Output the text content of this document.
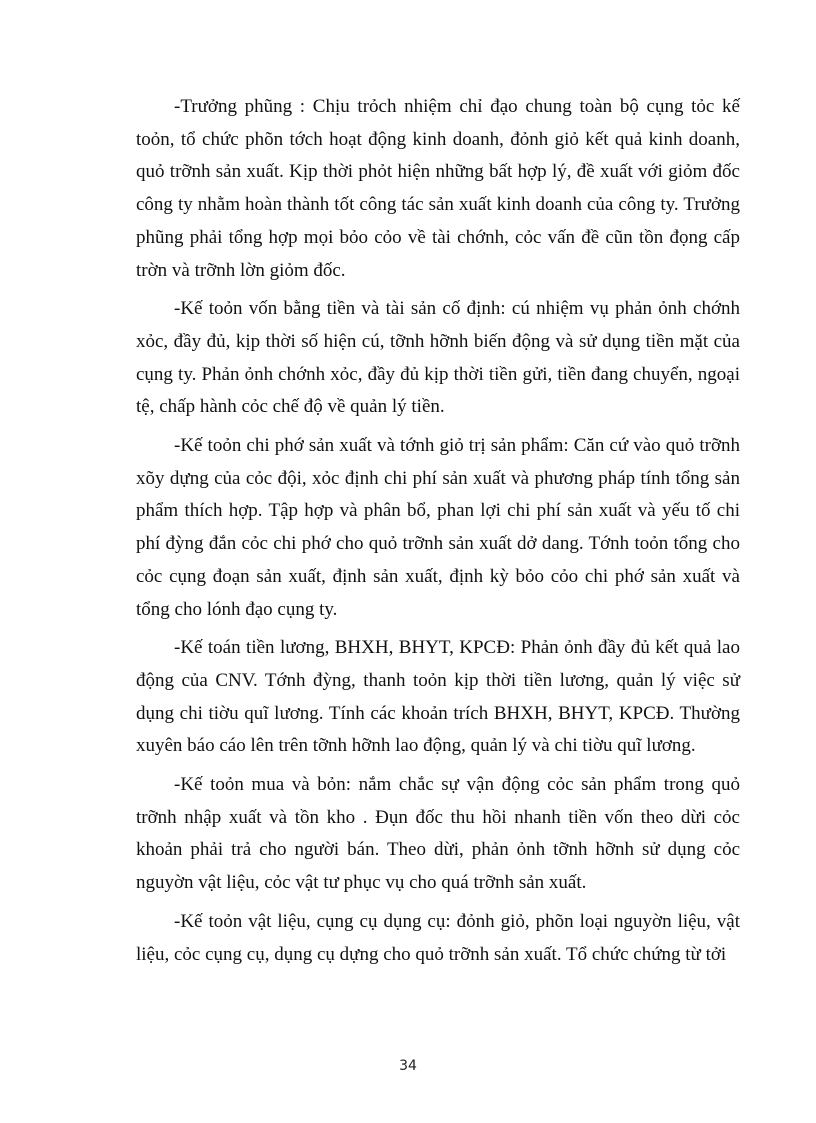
-Trưởng phũng : Chịu trỏch nhiệm chỉ đạo chung toàn bộ cụng tỏc kế toỏn, tổ chức phõn tớch hoạt động kinh doanh, đỏnh giỏ kết quả kinh doanh, quỏ trỡnh sản xuất. Kịp thời phỏt hiện những bất hợp lý, đề xuất với giỏm đốc công ty nhằm hoàn thành tốt công tác sản xuất kinh doanh của công ty. Trưởng phũng phải tổng hợp mọi bỏo cỏo về tài chớnh, cỏc vấn đề cũn tồn đọng cấp trờn và trỡnh lờn giỏm đốc.

-Kế toỏn vốn bằng tiền và tài sản cố định: cú nhiệm vụ phản ỏnh chớnh xỏc, đầy đủ, kịp thời số hiện cú, tỡnh hỡnh biến động và sử dụng tiền mặt của cụng ty. Phản ỏnh chớnh xỏc, đầy đủ kịp thời tiền gửi, tiền đang chuyển, ngoại tệ, chấp hành cỏc chế độ về quản lý tiền.

-Kế toỏn chi phớ sản xuất và tớnh giỏ trị sản phẩm: Căn cứ vào quỏ trỡnh xõy dựng của cỏc đội, xỏc định chi phí sản xuất và phương pháp tính tổng sản phẩm thích hợp. Tập hợp và phân bổ, phan lợi chi phí sản xuất và yếu tố chi phí đỳng đắn cỏc chi phớ cho quỏ trỡnh sản xuất dở dang. Tớnh toỏn tổng cho cỏc cụng đoạn sản xuất, định sản xuất, định kỳ bỏo cỏo chi phớ sản xuất và tổng cho lónh đạo cụng ty.

-Kế toán tiền lương, BHXH, BHYT, KPCĐ: Phản ỏnh đầy đủ kết quả lao động của CNV. Tớnh đỳng, thanh toỏn kịp thời tiền lương, quản lý việc sử dụng chi tiờu quĩ lương. Tính các khoản trích BHXH, BHYT, KPCĐ. Thường xuyên báo cáo lên trên tỡnh hỡnh lao động, quản lý và chi tiờu quĩ lương.

-Kế toỏn mua và bỏn: nắm chắc sự vận động cỏc sản phẩm trong quỏ trỡnh nhập xuất và tồn kho . Đụn đốc thu hồi nhanh tiền vốn theo dừi cỏc khoản phải trả cho người bán. Theo dừi, phản ỏnh tỡnh hỡnh sử dụng cỏc nguyờn vật liệu, cỏc vật tư phục vụ cho quá trỡnh sản xuất.

-Kế toỏn vật liệu, cụng cụ dụng cụ: đỏnh giỏ, phõn loại nguyờn liệu, vật liệu, cỏc cụng cụ, dụng cụ dựng cho quỏ trỡnh sản xuất. Tổ chức chứng từ tởi

34
